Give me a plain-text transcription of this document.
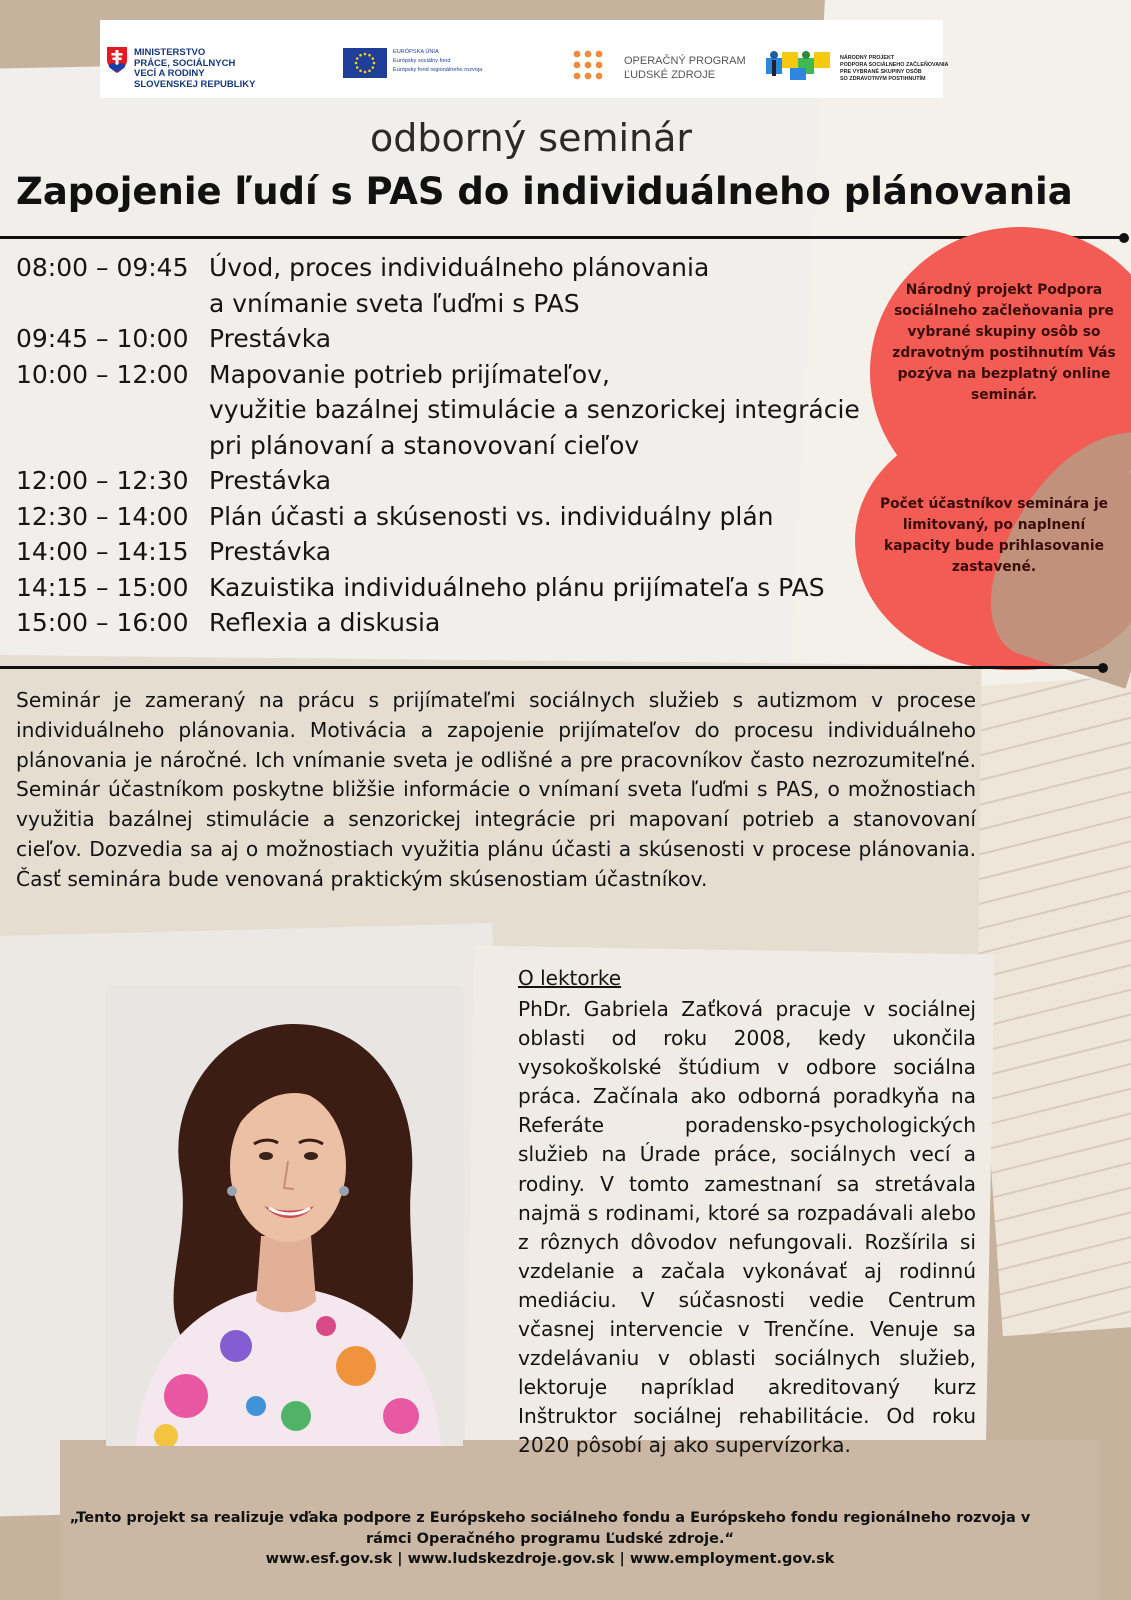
MINISTERSTVO
PRÁCE, SOCIÁLNYCH
VECÍ A RODINY
SLOVENSKEJ REPUBLIKY
EURÓPSKA ÚNIA
Európsky sociálny fond
Európsky fond regionálneho rozvoja
OPERAČNÝ PROGRAM
ĽUDSKÉ ZDROJE
NÁRODNÝ PROJEKT
PODPORA SOCIÁLNEHO ZAČLEŇOVANIA
PRE VYBRANÉ SKUPINY OSÔB
SO ZDRAVOTNÝM POSTIHNUTÍM
odborný seminár
Zapojenie ľudí s PAS do individuálneho plánovania
Národný projekt Podpora sociálneho začleňovania pre vybrané skupiny osôb so zdravotným postihnutím Vás pozýva na bezplatný online seminár.
Počet účastníkov seminára je limitovaný, po naplnení kapacity bude prihlasovanie zastavené.
08:00 – 09:45 Úvod, proces individuálneho plánovania
a vnímanie sveta ľuďmi s PAS
09:45 – 10:00 Prestávka
10:00 – 12:00 Mapovanie potrieb prijímateľov,
využitie bazálnej stimulácie a senzorickej integrácie
pri plánovaní a stanovovaní cieľov
12:00 – 12:30 Prestávka
12:30 – 14:00 Plán účasti a skúsenosti vs. individuálny plán
14:00 – 14:15 Prestávka
14:15 – 15:00 Kazuistika individuálneho plánu prijímateľa s PAS
15:00 – 16:00 Reflexia a diskusia
Seminár je zameraný na prácu s prijímateľmi sociálnych služieb s autizmom v procese individuálneho plánovania. Motivácia a zapojenie prijímateľov do procesu individuálneho plánovania je náročné. Ich vnímanie sveta je odlišné a pre pracovníkov často nezrozumiteľné. Seminár účastníkom poskytne bližšie informácie o vnímaní sveta ľuďmi s PAS, o možnostiach využitia bazálnej stimulácie a senzorickej integrácie pri mapovaní potrieb a stanovovaní cieľov. Dozvedia sa aj o možnostiach využitia plánu účasti a skúsenosti v procese plánovania. Časť seminára bude venovaná praktickým skúsenostiam účastníkov.
O lektorke
PhDr. Gabriela Zaťková pracuje v sociálnej oblasti od roku 2008, kedy ukončila vysokoškolské štúdium v odbore sociálna práca. Začínala ako odborná poradkyňa na Referáte poradensko-psychologických služieb na Úrade práce, sociálnych vecí a rodiny. V tomto zamestnaní sa stretávala najmä s rodinami, ktoré sa rozpadávali alebo z rôznych dôvodov nefungovali. Rozšírila si vzdelanie a začala vykonávať aj rodinnú mediáciu. V súčasnosti vedie Centrum včasnej intervencie v Trenčíne. Venuje sa vzdelávaniu v oblasti sociálnych služieb, lektoruje napríklad akreditovaný kurz Inštruktor sociálnej rehabilitácie. Od roku 2020 pôsobí aj ako supervízorka.
„Tento projekt sa realizuje vďaka podpore z Európskeho sociálneho fondu a Európskeho fondu regionálneho rozvoja v rámci Operačného programu Ľudské zdroje.“
www.esf.gov.sk | www.ludskezdroje.gov.sk | www.employment.gov.sk
